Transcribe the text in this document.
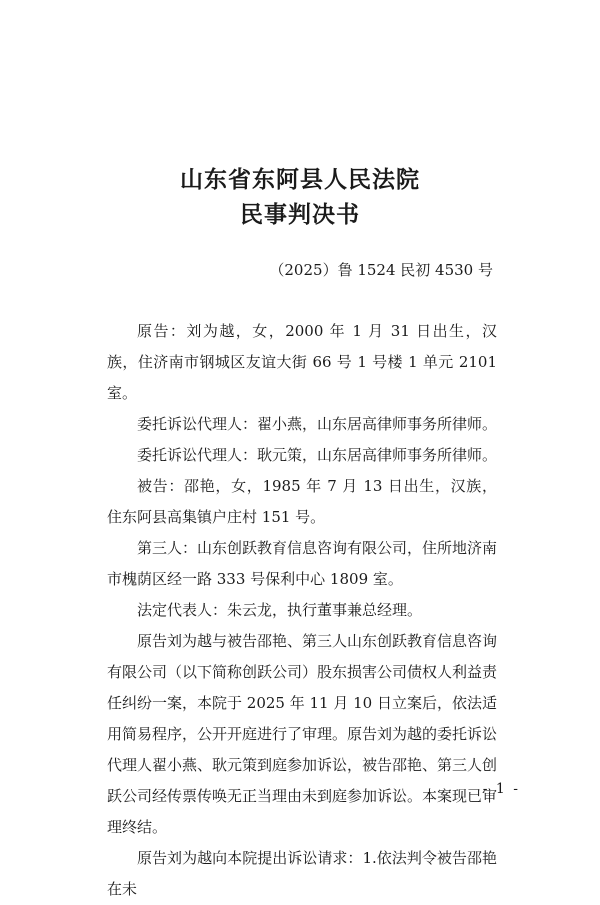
山东省东阿县人民法院
民事判决书
（2025）鲁 1524 民初 4530 号

原告：刘为越，女，2000 年 1 月 31 日出生，汉族，住济南市钢城区友谊大街 66 号 1 号楼 1 单元 2101 室。

委托诉讼代理人：翟小燕，山东居高律师事务所律师。

委托诉讼代理人：耿元策，山东居高律师事务所律师。

被告：邵艳，女，1985 年 7 月 13 日出生，汉族，住东阿县高集镇户庄村 151 号。

第三人：山东创跃教育信息咨询有限公司，住所地济南市槐荫区经一路 333 号保利中心 1809 室。

法定代表人：朱云龙，执行董事兼总经理。

原告刘为越与被告邵艳、第三人山东创跃教育信息咨询有限公司（以下简称创跃公司）股东损害公司债权人利益责任纠纷一案，本院于 2025 年 11 月 10 日立案后，依法适用简易程序，公开开庭进行了审理。原告刘为越的委托诉讼代理人翟小燕、耿元策到庭参加诉讼，被告邵艳、第三人创跃公司经传票传唤无正当理由未到庭参加诉讼。本案现已审理终结。

原告刘为越向本院提出诉讼请求：1.依法判令被告邵艳在未

- 1 -
